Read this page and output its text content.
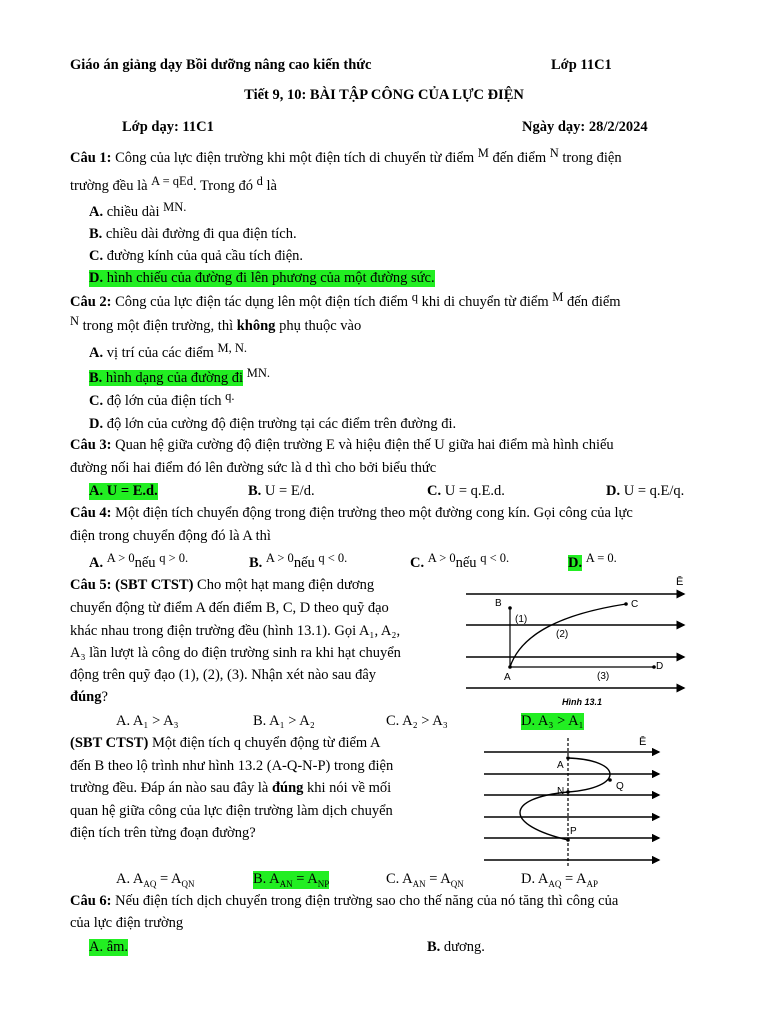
Giáo án giảng dạy Bồi dưỡng nâng cao kiến thức	Lớp 11C1
Tiết 9, 10: BÀI TẬP CÔNG CỦA LỰC ĐIỆN
Lớp dạy: 11C1	Ngày dạy: 28/2/2024
Câu 1: Công của lực điện trường khi một điện tích di chuyển từ điểm M đến điểm N trong điện
trường đều là A = qEd. Trong đó d là
A. chiều dài MN.
B. chiều dài đường đi qua điện tích.
C. đường kính của quả cầu tích điện.
D. hình chiếu của đường đi lên phương của một đường sức.
Câu 2: Công của lực điện tác dụng lên một điện tích điểm q khi di chuyển từ điểm M đến điểm
N trong một điện trường, thì không phụ thuộc vào
A. vị trí của các điểm M, N.
B. hình dạng của đường đi MN.
C. độ lớn của điện tích q.
D. độ lớn của cường độ điện trường tại các điểm trên đường đi.
Câu 3: Quan hệ giữa cường độ điện trường E và hiệu điện thế U giữa hai điểm mà hình chiếu
đường nối hai điểm đó lên đường sức là d thì cho bởi biểu thức
A. U = E.d.	B. U = E/d.	C. U = q.E.d.	D. U = q.E/q.
Câu 4: Một điện tích chuyển động trong điện trường theo một đường cong kín. Gọi công của lực
điện trong chuyển động đó là A thì
A. A > 0nếu q > 0.	B. A > 0nếu q < 0.	C. A > 0nếu q < 0.	D. A = 0.
Câu 5: (SBT CTST) Cho một hạt mang điện dương
chuyển động từ điểm A đến điểm B, C, D theo quỹ đạo
khác nhau trong điện trường đều (hình 13.1). Gọi A₁, A₂,
A₃ lần lượt là công do điện trường sinh ra khi hạt chuyển
động trên quỹ đạo (1), (2), (3). Nhận xét nào sau đây
đúng?
A. A₁ > A₃	B. A₁ > A₂	C. A₂ > A₃	D. A₃ > A₁
Ē
B	C
A
D
(1)
(2)
(3)
Hình 13.1
(SBT CTST) Một điện tích q chuyển động từ điểm A
đến B theo lộ trình như hình 13.2 (A-Q-N-P) trong điện
trường đều. Đáp án nào sau đây là đúng khi nói về mối
quan hệ giữa công của lực điện trường làm dịch chuyển
điện tích trên từng đoạn đường?
A. $A_{AQ} = A_{QN}$	B. $A_{AN} = A_{NP}$	C. $A_{AN} = A_{QN}$	D. $A_{AQ} = A_{AP}$
Ē
A
N	Q
P
Câu 6: Nếu điện tích dịch chuyển trong điện trường sao cho thế năng của nó tăng thì công của
của lực điện trường
A. âm.	B. dương.
